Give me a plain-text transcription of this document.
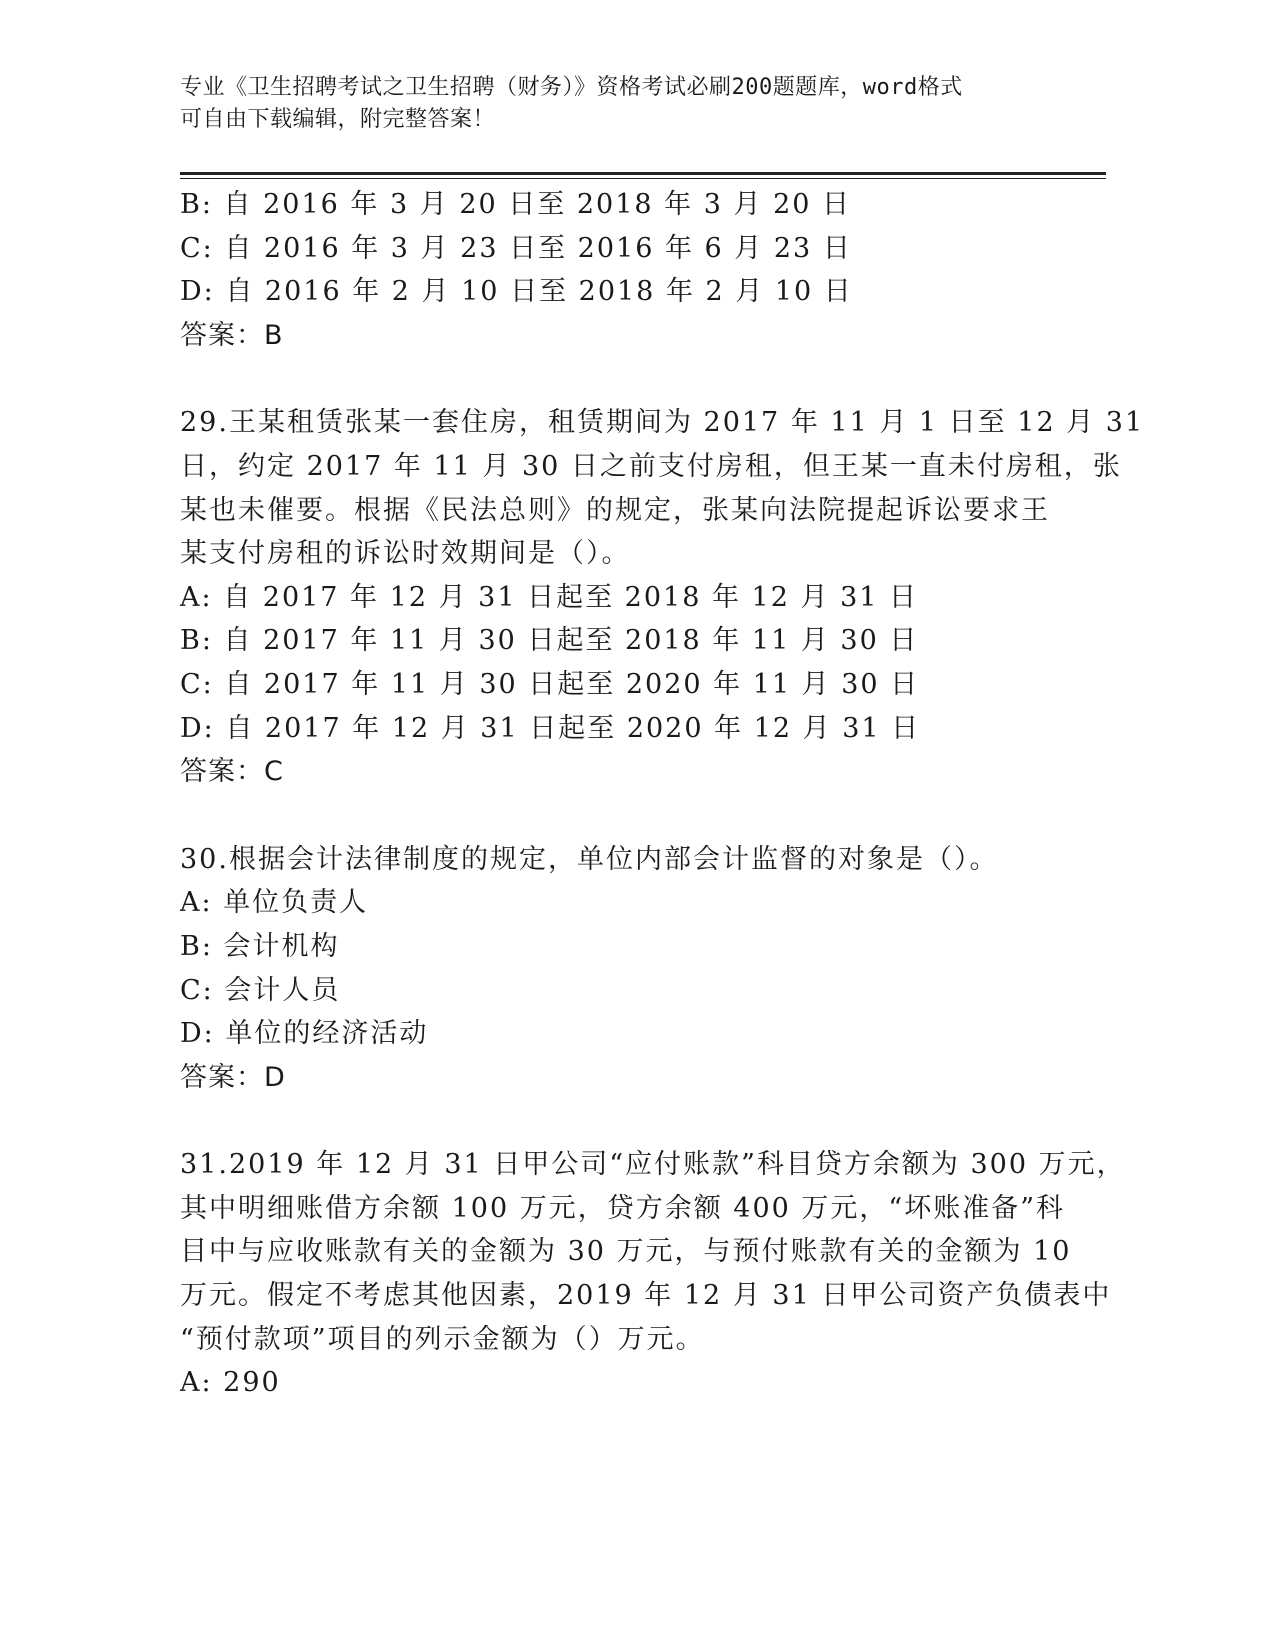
专业《卫生招聘考试之卫生招聘（财务）》资格考试必刷200题题库，word格式
可自由下载编辑，附完整答案！
B: 自 2016 年 3 月 20 日至 2018 年 3 月 20 日
C: 自 2016 年 3 月 23 日至 2016 年 6 月 23 日
D: 自 2016 年 2 月 10 日至 2018 年 2 月 10 日
答案：B
29.王某租赁张某一套住房，租赁期间为 2017 年 11 月 1 日至 12 月 31
日，约定 2017 年 11 月 30 日之前支付房租，但王某一直未付房租，张
某也未催要。根据《民法总则》的规定，张某向法院提起诉讼要求王
某支付房租的诉讼时效期间是（）。
A: 自 2017 年 12 月 31 日起至 2018 年 12 月 31 日
B: 自 2017 年 11 月 30 日起至 2018 年 11 月 30 日
C: 自 2017 年 11 月 30 日起至 2020 年 11 月 30 日
D: 自 2017 年 12 月 31 日起至 2020 年 12 月 31 日
答案：C
30.根据会计法律制度的规定，单位内部会计监督的对象是（）。
A: 单位负责人
B: 会计机构
C: 会计人员
D: 单位的经济活动
答案：D
31.2019 年 12 月 31 日甲公司“应付账款”科目贷方余额为 300 万元，
其中明细账借方余额 100 万元，贷方余额 400 万元，“坏账准备”科
目中与应收账款有关的金额为 30 万元，与预付账款有关的金额为 10
万元。假定不考虑其他因素，2019 年 12 月 31 日甲公司资产负债表中
“预付款项”项目的列示金额为（）万元。
A: 290
